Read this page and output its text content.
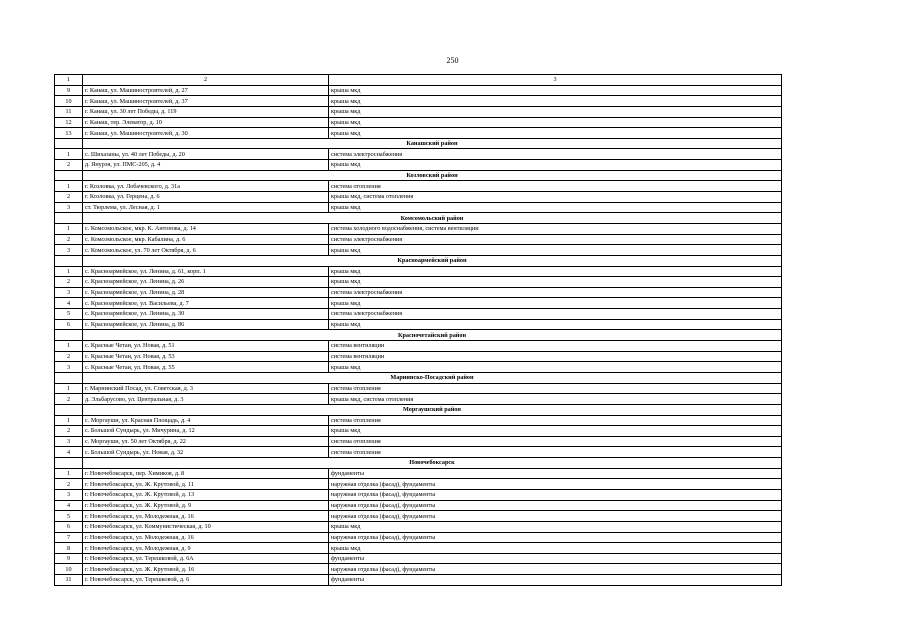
250
1	2	3
9	г. Канаш, ул. Машиностроителей, д. 27	крыша мкд
10	г. Канаш, ул. Машиностроителей, д. 37	крыша мкд
11	г. Канаш, ул. 30 лет Победы, д. 119	крыша мкд
12	г. Канаш, тер. Элеватор, д. 10	крыша мкд
13	г. Канаш, ул. Машиностроителей, д. 30	крыша мкд
	Канашский район	
1	с. Шихазаны, ул. 40 лет Победы, д. 20	система электроснабжения
2	д. Янурзя, ул. ПМС-205, д. 4	крыша мкд
	Козловский район	
1	г. Козловка, ул. Лобачевского, д. 31а	система отопления
2	г. Козловка, ул. Герцена, д. 6	крыша мкд, система отопления
3	ст. Тюрлема, ул. Лесная, д. 1	крыша мкд
	Комсомольский район	
1	с. Комсомольское, мкр. К. Антонова, д. 14	система холодного водоснабжения, система вентиляции
2	с. Комсомольское, мкр. Кабалина, д. 6	система электроснабжения
3	с. Комсомольское, ул. 70 лет Октября, д. 6	крыша мкд
	Красноармейский район	
1	с. Красноармейское, ул. Ленина, д. 61, корп. 1	крыша мкд
2	с. Красноармейское, ул. Ленина, д. 26	крыша мкд
3	с. Красноармейское, ул. Ленина, д. 28	система электроснабжения
4	с. Красноармейское, ул. Васильева, д. 7	крыша мкд
5	с. Красноармейское, ул. Ленина, д. 30	система электроснабжения
6	с. Красноармейское, ул. Ленина, д. 86	крыша мкд
	Красночетайский район	
1	с. Красные Четаи, ул. Новая, д. 51	система вентиляции
2	с. Красные Четаи, ул. Новая, д. 53	система вентиляции
3	с. Красные Четаи, ул. Новая, д. 55	крыша мкд
	Мариинско-Посадский район	
1	г. Мариинский Посад, ул. Советская, д. 3	система отопления
2	д. Эльбарусово, ул. Центральная, д. 3	крыша мкд, система отопления
	Моргаушский район	
1	с. Моргауши, ул. Красная Площадь, д. 4	система отопления
2	с. Большой Сундырь, ул. Мичурина, д. 12	крыша мкд
3	с. Моргауши, ул. 50 лет Октября, д. 22	система отопления
4	с. Большой Сундырь, ул. Новая, д. 32	система отопления
	Новочебоксарск	
1	г. Новочебоксарск, пер. Химиков, д. 8	фундаменты
2	г. Новочебоксарск, ул. Ж. Крутовой, д. 11	наружная отделка (фасад), фундаменты
3	г. Новочебоксарск, ул. Ж. Крутовой, д. 13	наружная отделка (фасад), фундаменты
4	г. Новочебоксарск, ул. Ж. Крутовой, д. 9	наружная отделка (фасад), фундаменты
5	г. Новочебоксарск, ул. Молодежная, д. 16	наружная отделка (фасад), фундаменты
6	г. Новочебоксарск, ул. Коммунистическая, д. 10	крыша мкд
7	г. Новочебоксарск, ул. Молодежная, д. 16	наружная отделка (фасад), фундаменты
8	г. Новочебоксарск, ул. Молодежная, д. 9	крыша мкд
9	г. Новочебоксарск, ул. Терешковой, д. 6А	фундаменты
10	г. Новочебоксарск, ул. Ж. Крутовой, д. 16	наружная отделка (фасад), фундаменты
11	г. Новочебоксарск, ул. Терешковой, д. 6	фундаменты
